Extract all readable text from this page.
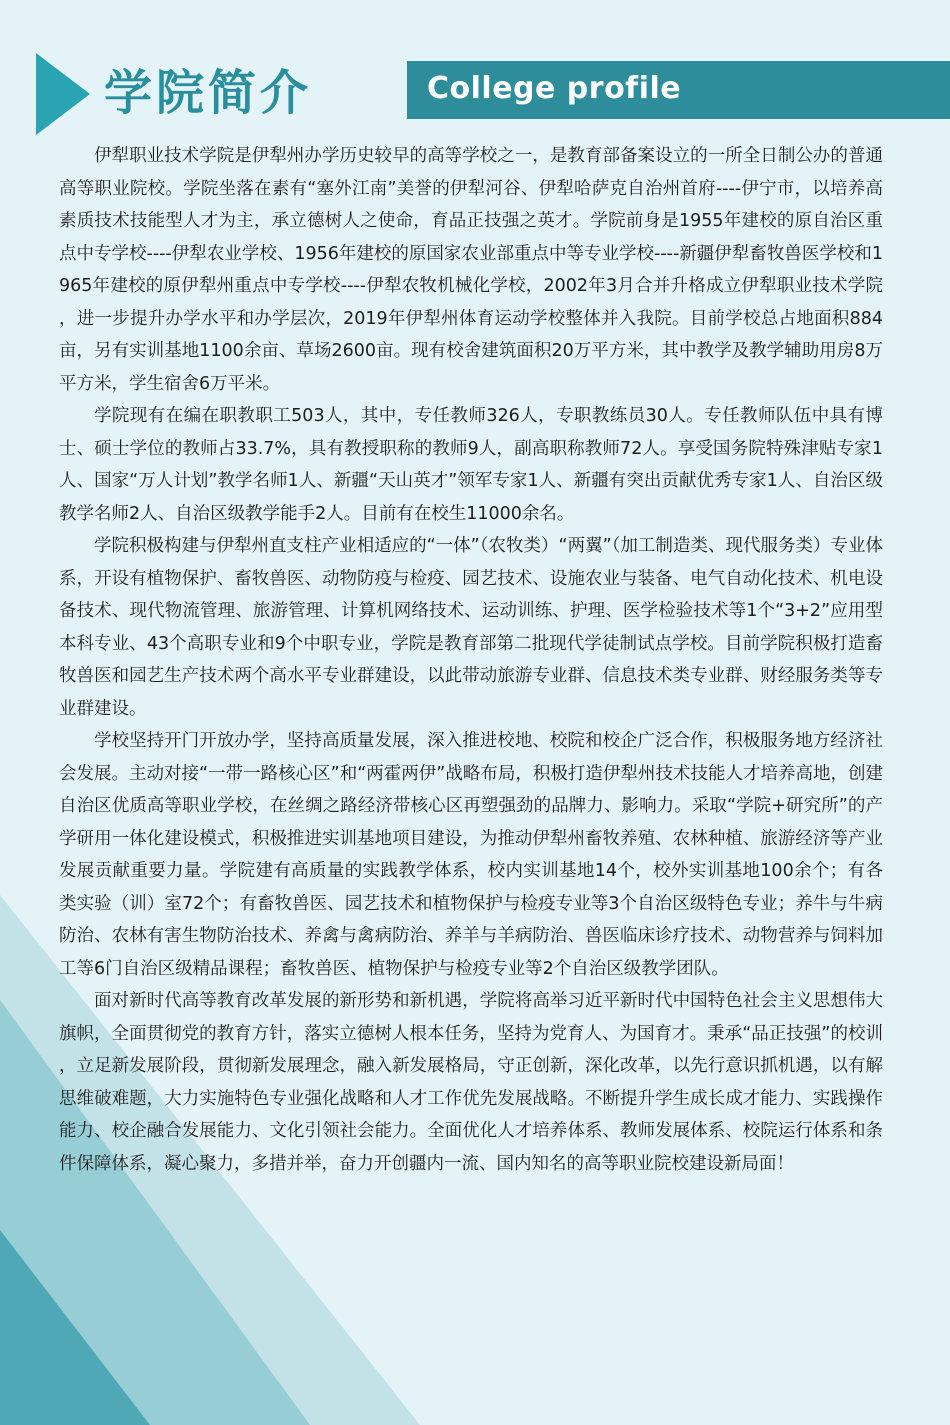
学院简介	College profile

伊犁职业技术学院是伊犁州办学历史较早的高等学校之一，是教育部备案设立的一所全日制公办的普通高等职业院校。学院坐落在素有“塞外江南”美誉的伊犁河谷、伊犁哈萨克自治州首府----伊宁市，以培养高素质技术技能型人才为主，承立德树人之使命，育品正技强之英才。学院前身是1955年建校的原自治区重点中专学校----伊犁农业学校、1956年建校的原国家农业部重点中等专业学校----新疆伊犁畜牧兽医学校和1965年建校的原伊犁州重点中专学校----伊犁农牧机械化学校，2002年3月合并升格成立伊犁职业技术学院，进一步提升办学水平和办学层次，2019年伊犁州体育运动学校整体并入我院。目前学校总占地面积884亩，另有实训基地1100余亩、草场2600亩。现有校舍建筑面积20万平方米，其中教学及教学辅助用房8万平方米，学生宿舍6万平米。

学院现有在编在职教职工503人，其中，专任教师326人，专职教练员30人。专任教师队伍中具有博士、硕士学位的教师占33.7%，具有教授职称的教师9人，副高职称教师72人。享受国务院特殊津贴专家1人、国家“万人计划”教学名师1人、新疆“天山英才”领军专家1人、新疆有突出贡献优秀专家1人、自治区级教学名师2人、自治区级教学能手2人。目前有在校生11000余名。

学院积极构建与伊犁州直支柱产业相适应的“一体”（农牧类）“两翼”（加工制造类、现代服务类）专业体系，开设有植物保护、畜牧兽医、动物防疫与检疫、园艺技术、设施农业与装备、电气自动化技术、机电设备技术、现代物流管理、旅游管理、计算机网络技术、运动训练、护理、医学检验技术等1个“3+2”应用型本科专业、43个高职专业和9个中职专业，学院是教育部第二批现代学徒制试点学校。目前学院积极打造畜牧兽医和园艺生产技术两个高水平专业群建设，以此带动旅游专业群、信息技术类专业群、财经服务类等专业群建设。

学校坚持开门开放办学，坚持高质量发展，深入推进校地、校院和校企广泛合作，积极服务地方经济社会发展。主动对接“一带一路核心区”和“两霍两伊”战略布局，积极打造伊犁州技术技能人才培养高地，创建自治区优质高等职业学校，在丝绸之路经济带核心区再塑强劲的品牌力、影响力。采取“学院+研究所”的产学研用一体化建设模式，积极推进实训基地项目建设，为推动伊犁州畜牧养殖、农林种植、旅游经济等产业发展贡献重要力量。学院建有高质量的实践教学体系，校内实训基地14个，校外实训基地100余个；有各类实验（训）室72个；有畜牧兽医、园艺技术和植物保护与检疫专业等3个自治区级特色专业；养牛与牛病防治、农林有害生物防治技术、养禽与禽病防治、养羊与羊病防治、兽医临床诊疗技术、动物营养与饲料加工等6门自治区级精品课程；畜牧兽医、植物保护与检疫专业等2个自治区级教学团队。

面对新时代高等教育改革发展的新形势和新机遇，学院将高举习近平新时代中国特色社会主义思想伟大旗帜，全面贯彻党的教育方针，落实立德树人根本任务，坚持为党育人、为国育才。秉承“品正技强”的校训，立足新发展阶段，贯彻新发展理念，融入新发展格局，守正创新，深化改革，以先行意识抓机遇，以有解思维破难题，大力实施特色专业强化战略和人才工作优先发展战略。不断提升学生成长成才能力、实践操作能力、校企融合发展能力、文化引领社会能力。全面优化人才培养体系、教师发展体系、校院运行体系和条件保障体系，凝心聚力，多措并举，奋力开创疆内一流、国内知名的高等职业院校建设新局面！
